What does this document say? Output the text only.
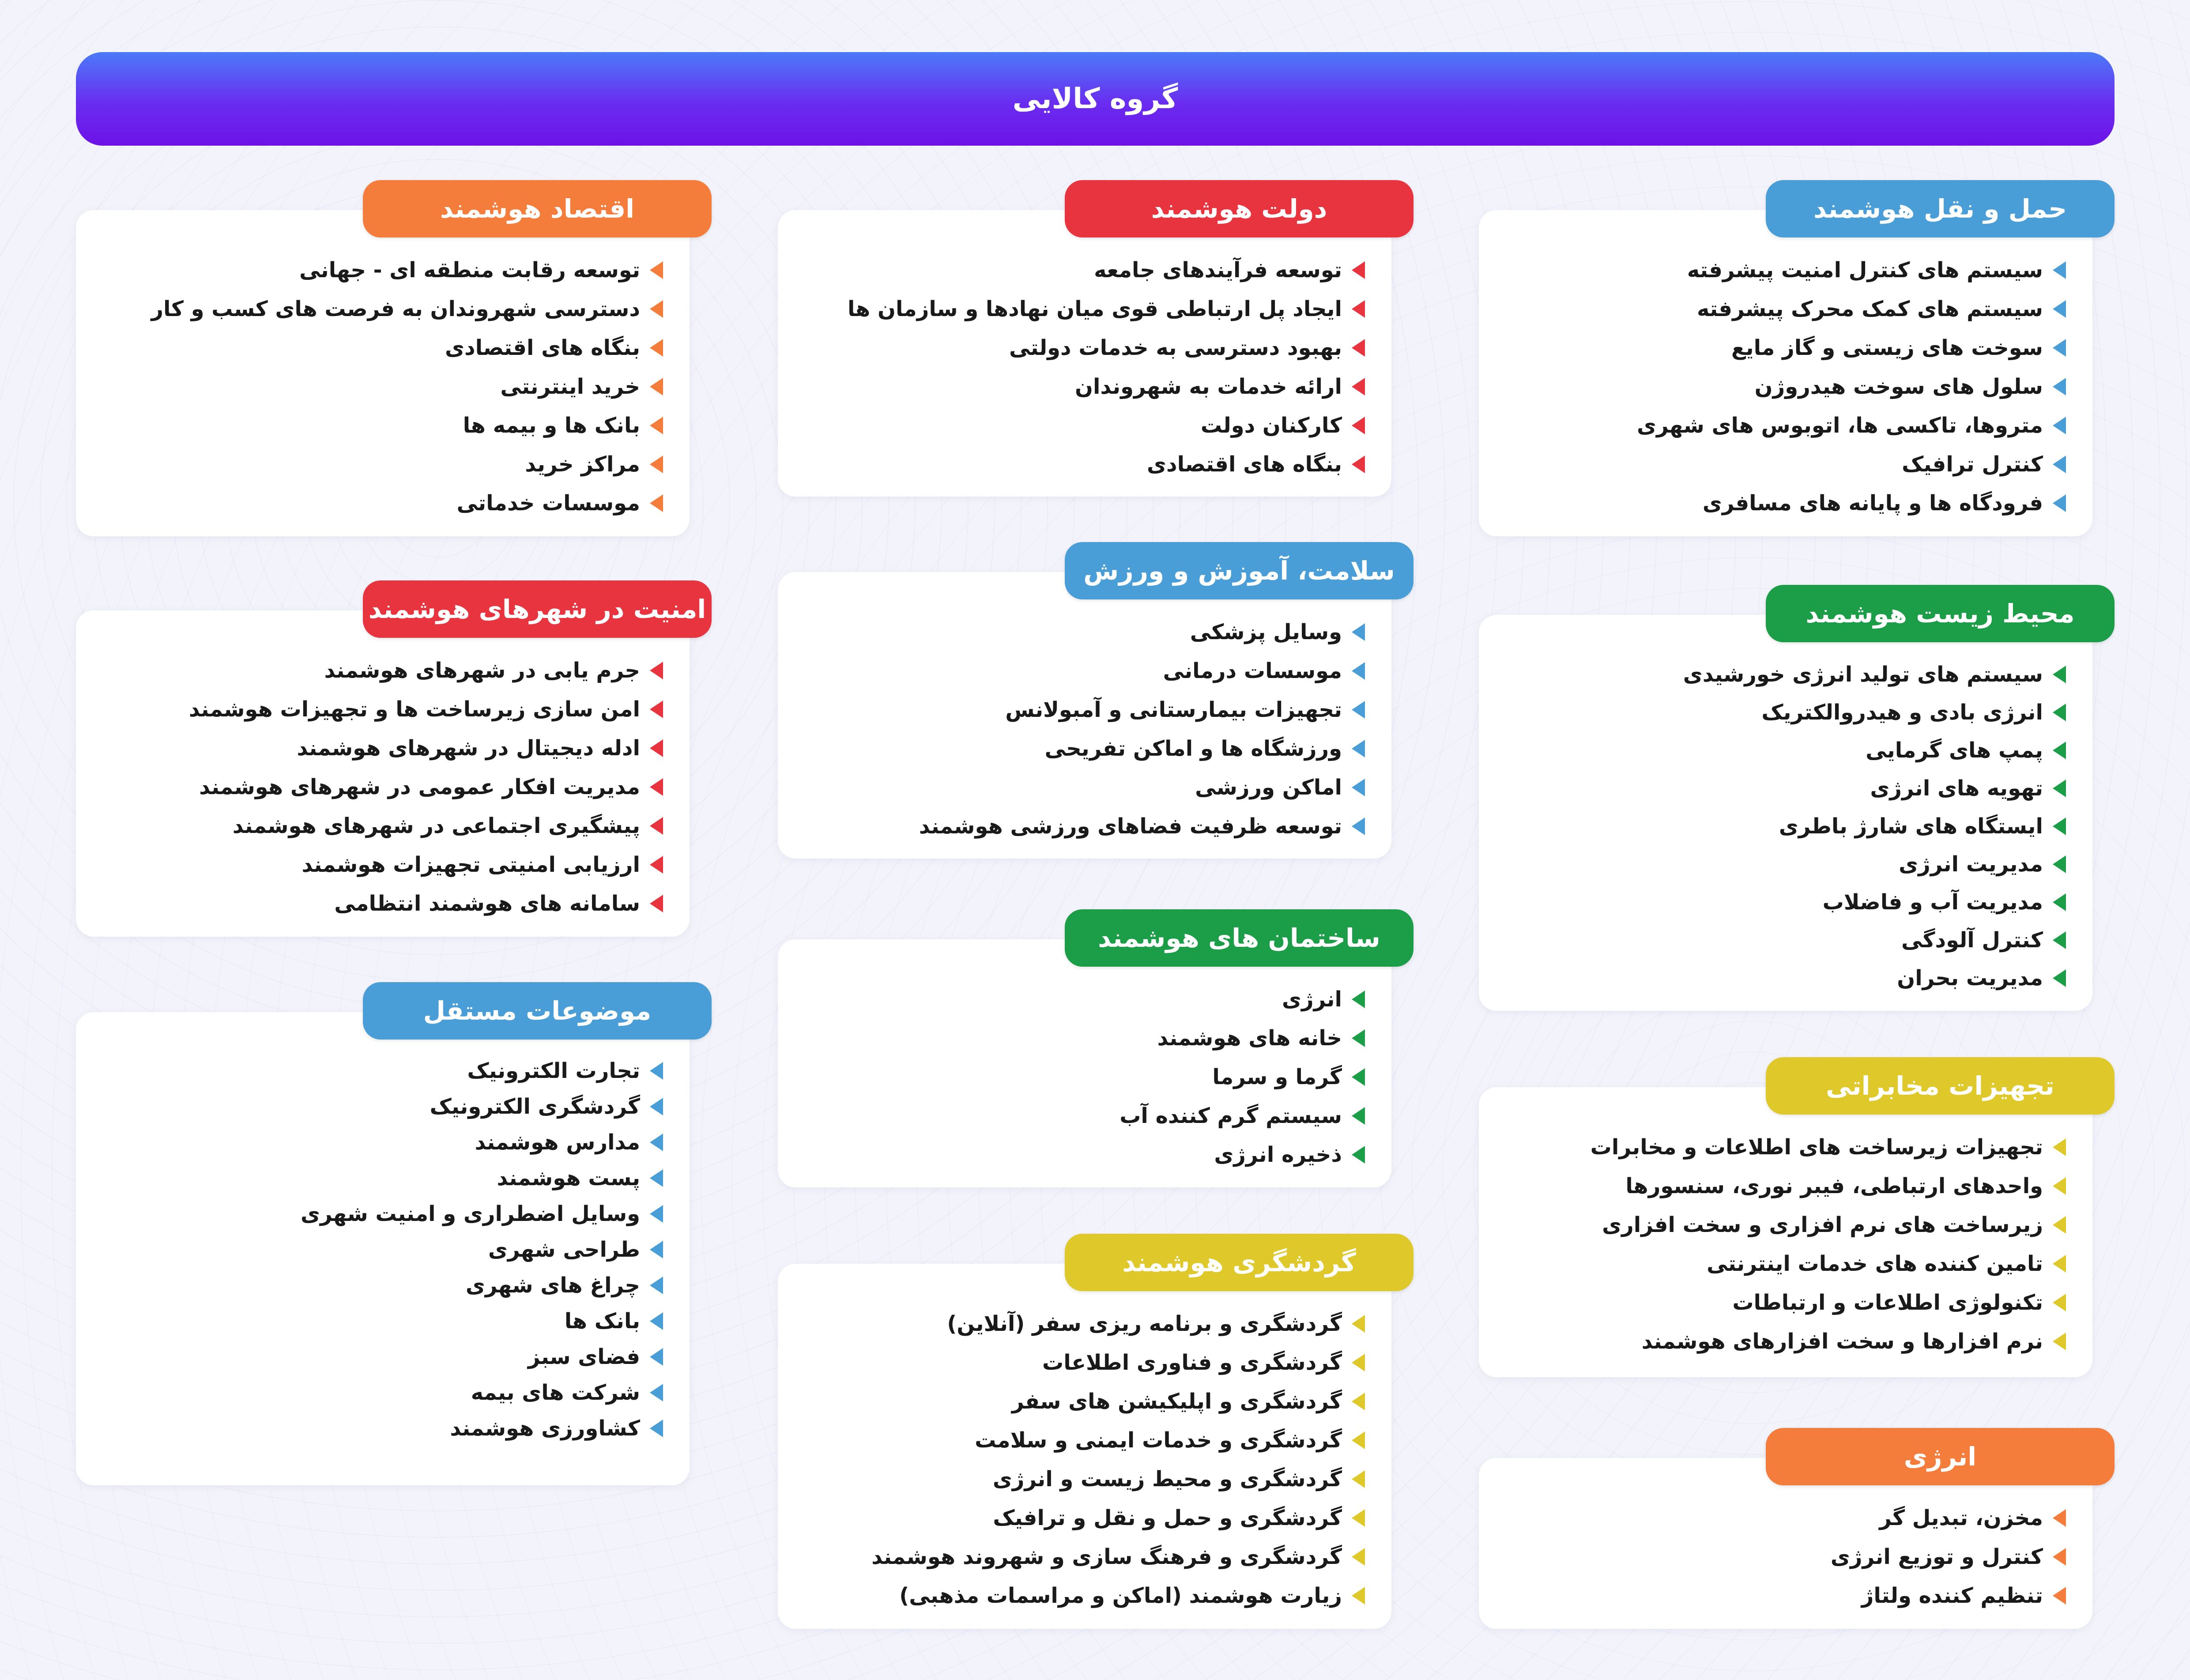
گروه کالایی
حمل و نقل هوشمند
سیستم های کنترل امنیت پیشرفته
سیستم های کمک محرک پیشرفته
سوخت های زیستی و گاز مایع
سلول های سوخت هیدروژن
متروها، تاکسی ها، اتوبوس های شهری
کنترل ترافیک
فرودگاه ها و پایانه های مسافری
دولت هوشمند
توسعه فرآیندهای جامعه
ایجاد پل ارتباطی قوی میان نهادها و سازمان ها
بهبود دسترسی به خدمات دولتی
ارائه خدمات به شهروندان
کارکنان دولت
بنگاه های اقتصادی
اقتصاد هوشمند
توسعه رقابت منطقه ای - جهانی
دسترسی شهروندان به فرصت های کسب و کار
بنگاه های اقتصادی
خرید اینترنتی
بانک ها و بیمه ها
مراکز خرید
موسسات خدماتی
محیط زیست هوشمند
سیستم های تولید انرژی خورشیدی
انرژی بادی و هیدروالکتریک
پمپ های گرمایی
تهویه های انرژی
ایستگاه های شارژ باطری
مدیریت انرژی
مدیریت آب و فاضلاب
کنترل آلودگی
مدیریت بحران
سلامت، آموزش و ورزش
وسایل پزشکی
موسسات درمانی
تجهیزات بیمارستانی و آمبولانس
ورزشگاه ها و اماکن تفریحی
اماکن ورزشی
توسعه ظرفیت فضاهای ورزشی هوشمند
امنیت در شهرهای هوشمند
جرم یابی در شهرهای هوشمند
امن سازی زیرساخت ها و تجهیزات هوشمند
ادله دیجیتال در شهرهای هوشمند
مدیریت افکار عمومی در شهرهای هوشمند
پیشگیری اجتماعی در شهرهای هوشمند
ارزیابی امنیتی تجهیزات هوشمند
سامانه های هوشمند انتظامی
ساختمان های هوشمند
انرژی
خانه های هوشمند
گرما و سرما
سیستم گرم کننده آب
ذخیره انرژی
موضوعات مستقل
تجارت الکترونیک
گردشگری الکترونیک
مدارس هوشمند
پست هوشمند
وسایل اضطراری و امنیت شهری
طراحی شهری
چراغ های شهری
بانک ها
فضای سبز
شرکت های بیمه
کشاورزی هوشمند
تجهیزات مخابراتی
تجهیزات زیرساخت های اطلاعات و مخابرات
واحدهای ارتباطی، فیبر نوری، سنسورها
زیرساخت های نرم افزاری و سخت افزاری
تامین کننده های خدمات اینترنتی
تکنولوژی اطلاعات و ارتباطات
نرم افزارها و سخت افزارهای هوشمند
گردشگری هوشمند
گردشگری و برنامه ریزی سفر (آنلاین)
گردشگری و فناوری اطلاعات
گردشگری و اپلیکیشن های سفر
گردشگری و خدمات ایمنی و سلامت
گردشگری و محیط زیست و انرژی
گردشگری و حمل و نقل و ترافیک
گردشگری و فرهنگ سازی و شهروند هوشمند
زیارت هوشمند (اماکن و مراسمات مذهبی)
انرژی
مخزن، تبدیل گر
کنترل و توزیع انرژی
تنظیم کننده ولتاژ
